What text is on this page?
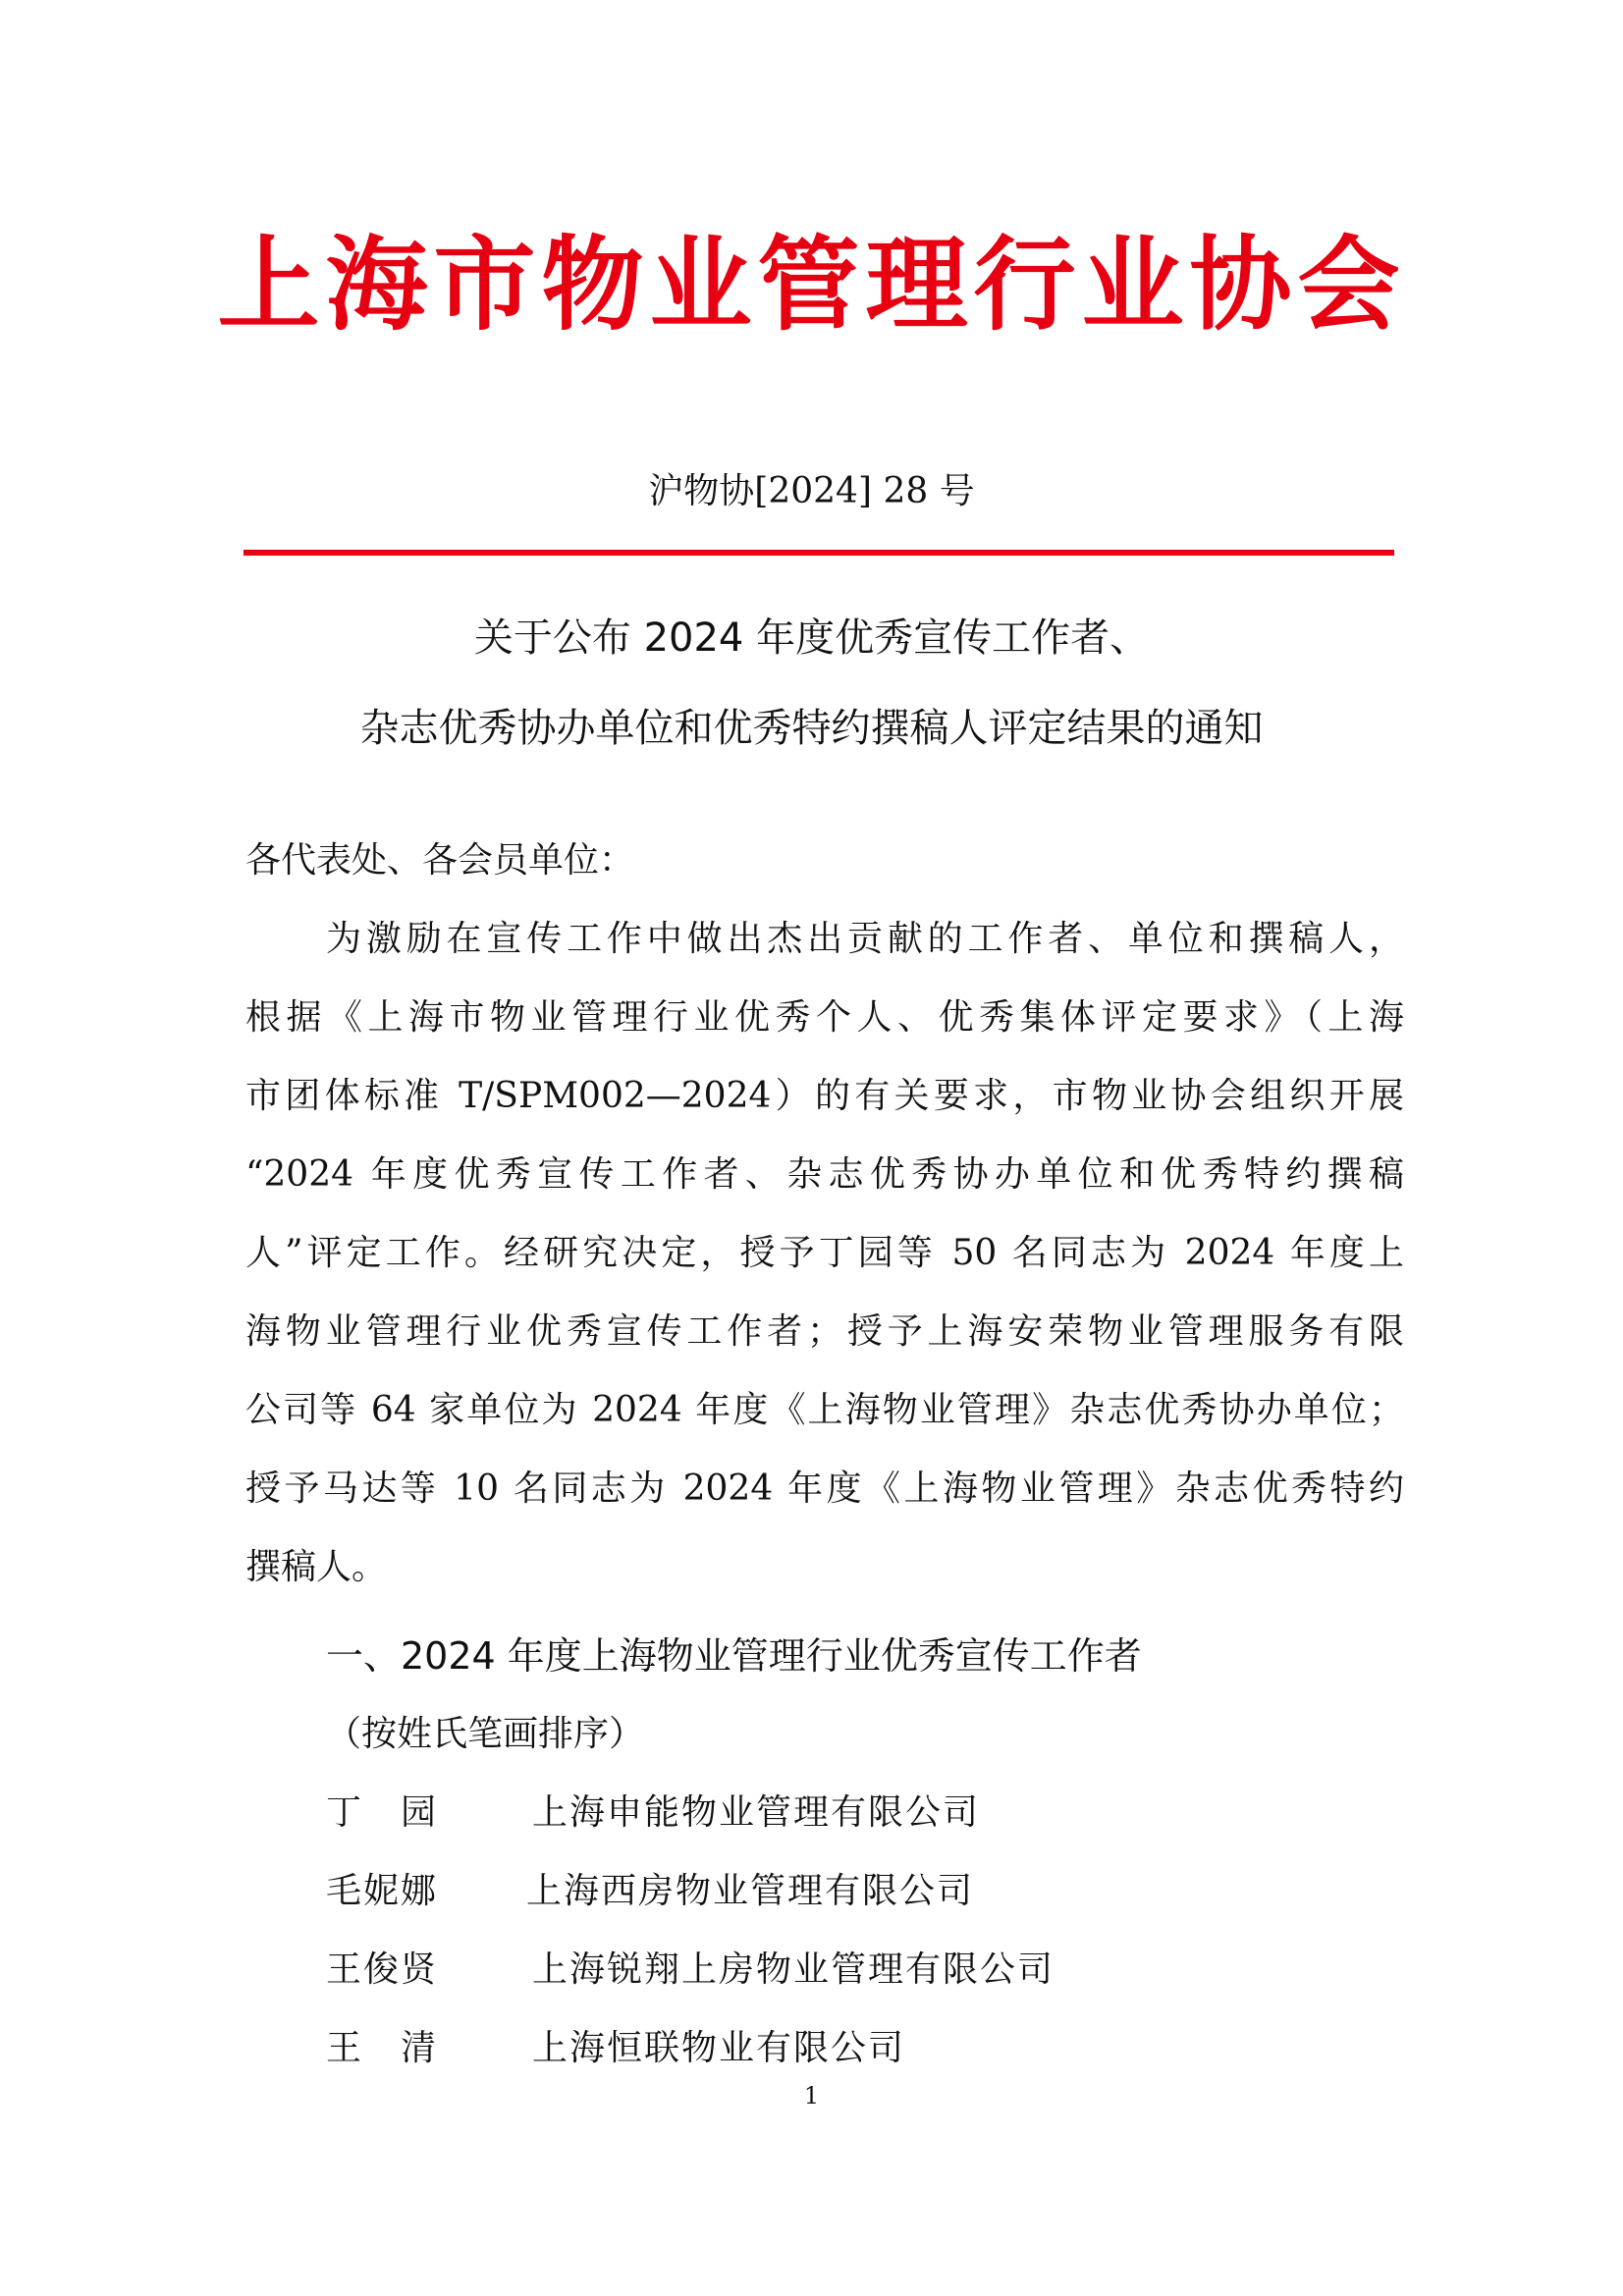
上海市物业管理行业协会
沪物协[2024] 28 号
关于公布 2024 年度优秀宣传工作者、
杂志优秀协办单位和优秀特约撰稿人评定结果的通知
各代表处、各会员单位：
为激励在宣传工作中做出杰出贡献的工作者、单位和撰稿人，
根据《上海市物业管理行业优秀个人、优秀集体评定要求》（上海
市团体标准 T/SPM002—2024）的有关要求，市物业协会组织开展
“2024 年度优秀宣传工作者、杂志优秀协办单位和优秀特约撰稿
人”评定工作。经研究决定，授予丁园等 50 名同志为 2024 年度上
海物业管理行业优秀宣传工作者；授予上海安荣物业管理服务有限
公司等 64 家单位为 2024 年度《上海物业管理》杂志优秀协办单位；
授予马达等 10 名同志为 2024 年度《上海物业管理》杂志优秀特约
撰稿人。
一、2024 年度上海物业管理行业优秀宣传工作者
（按姓氏笔画排序）
丁　园	上海申能物业管理有限公司
毛妮娜 上海西房物业管理有限公司
王俊贤	上海锐翔上房物业管理有限公司
王　清	上海恒联物业有限公司
1
